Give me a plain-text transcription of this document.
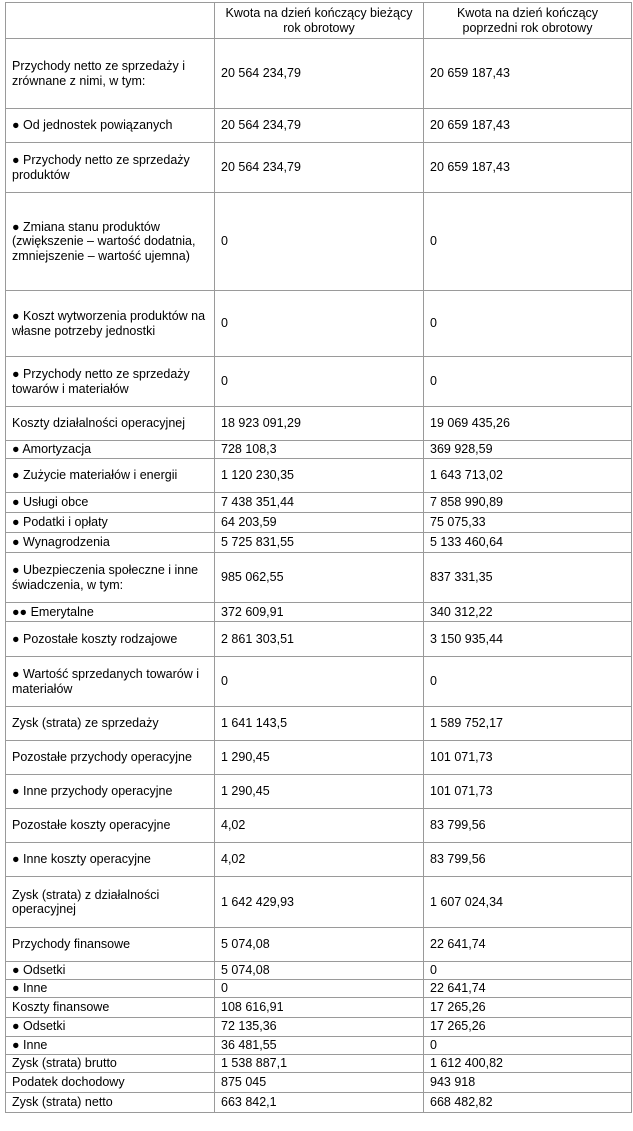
	Kwota na dzień kończący bieżący rok obrotowy	Kwota na dzień kończący poprzedni rok obrotowy
Przychody netto ze sprzedaży i zrównane z nimi, w tym:	20 564 234,79	20 659 187,43
● Od jednostek powiązanych	20 564 234,79	20 659 187,43
● Przychody netto ze sprzedaży produktów	20 564 234,79	20 659 187,43
● Zmiana stanu produktów (zwiększenie – wartość dodatnia, zmniejszenie – wartość ujemna)	0	0
● Koszt wytworzenia produktów na własne potrzeby jednostki	0	0
● Przychody netto ze sprzedaży towarów i materiałów	0	0
Koszty działalności operacyjnej	18 923 091,29	19 069 435,26
● Amortyzacja	728 108,3	369 928,59
● Zużycie materiałów i energii	1 120 230,35	1 643 713,02
● Usługi obce	7 438 351,44	7 858 990,89
● Podatki i opłaty	64 203,59	75 075,33
● Wynagrodzenia	5 725 831,55	5 133 460,64
● Ubezpieczenia społeczne i inne świadczenia, w tym:	985 062,55	837 331,35
●● Emerytalne	372 609,91	340 312,22
● Pozostałe koszty rodzajowe	2 861 303,51	3 150 935,44
● Wartość sprzedanych towarów i materiałów	0	0
Zysk (strata) ze sprzedaży	1 641 143,5	1 589 752,17
Pozostałe przychody operacyjne	1 290,45	101 071,73
● Inne przychody operacyjne	1 290,45	101 071,73
Pozostałe koszty operacyjne	4,02	83 799,56
● Inne koszty operacyjne	4,02	83 799,56
Zysk (strata) z działalności operacyjnej	1 642 429,93	1 607 024,34
Przychody finansowe	5 074,08	22 641,74
● Odsetki	5 074,08	0
● Inne	0	22 641,74
Koszty finansowe	108 616,91	17 265,26
● Odsetki	72 135,36	17 265,26
● Inne	36 481,55	0
Zysk (strata) brutto	1 538 887,1	1 612 400,82
Podatek dochodowy	875 045	943 918
Zysk (strata) netto	663 842,1	668 482,82
